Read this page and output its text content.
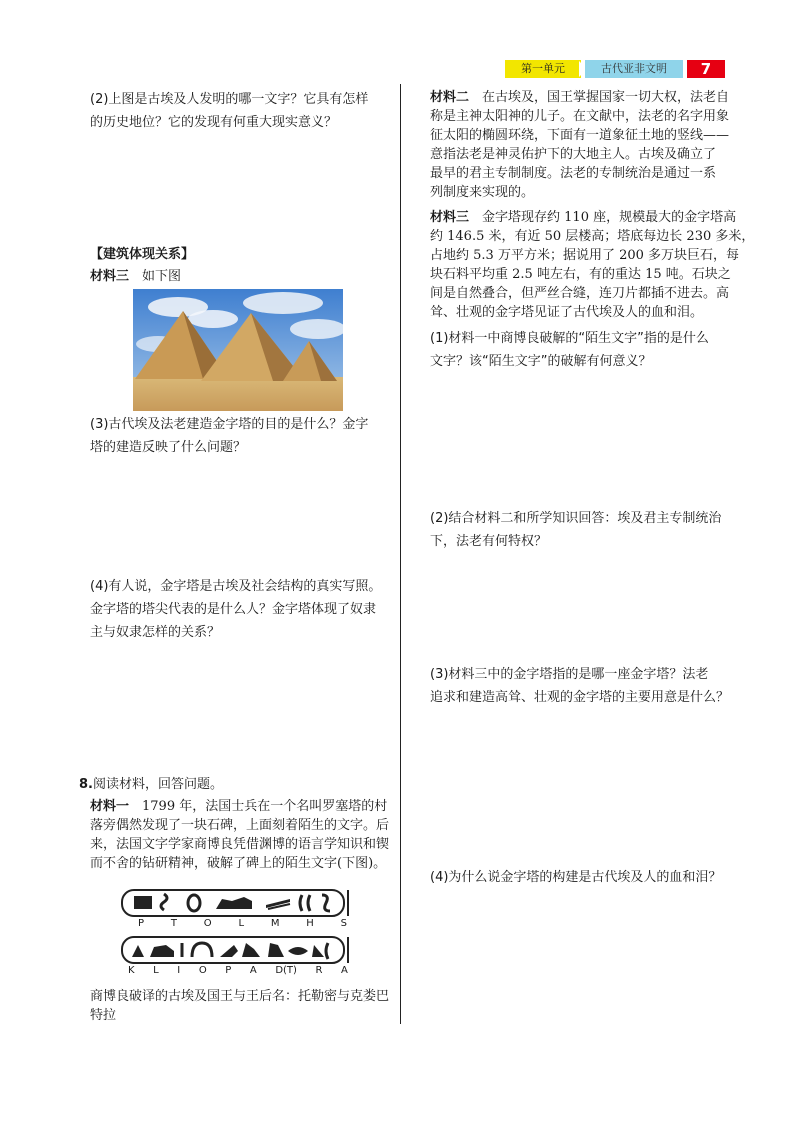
第一单元	古代亚非文明	7
(2)上图是古埃及人发明的哪一文字？它具有怎样
的历史地位？它的发现有何重大现实意义？
【建筑体现关系】
材料三  如下图
(3)古代埃及法老建造金字塔的目的是什么？金字
塔的建造反映了什么问题？
(4)有人说，金字塔是古埃及社会结构的真实写照。
金字塔的塔尖代表的是什么人？金字塔体现了奴隶
主与奴隶怎样的关系？
8.阅读材料，回答问题。
材料一  1799 年，法国士兵在一个名叫罗塞塔的村
落旁偶然发现了一块石碑，上面刻着陌生的文字。后
来，法国文字学家商博良凭借渊博的语言学知识和锲
而不舍的钻研精神，破解了碑上的陌生文字(下图)。
P	T	O	L	M	H	S
K L I O P A D(T) R A
商博良破译的古埃及国王与王后名：托勒密与克娄巴
特拉
材料二  在古埃及，国王掌握国家一切大权，法老自
称是主神太阳神的儿子。在文献中，法老的名字用象
征太阳的椭圆环绕，下面有一道象征土地的竖线——
意指法老是神灵佑护下的大地主人。古埃及确立了
最早的君主专制制度。法老的专制统治是通过一系
列制度来实现的。
材料三  金字塔现存约 110 座，规模最大的金字塔高
约 146.5 米，有近 50 层楼高；塔底每边长 230 多米，
占地约 5.3 万平方米；据说用了 200 多万块巨石，每
块石料平均重 2.5 吨左右，有的重达 15 吨。石块之
间是自然叠合，但严丝合缝，连刀片都插不进去。高
耸、壮观的金字塔见证了古代埃及人的血和泪。
(1)材料一中商博良破解的“陌生文字”指的是什么
文字？该“陌生文字”的破解有何意义？
(2)结合材料二和所学知识回答：埃及君主专制统治
下，法老有何特权？
(3)材料三中的金字塔指的是哪一座金字塔？法老
追求和建造高耸、壮观的金字塔的主要用意是什么？
(4)为什么说金字塔的构建是古代埃及人的血和泪？
